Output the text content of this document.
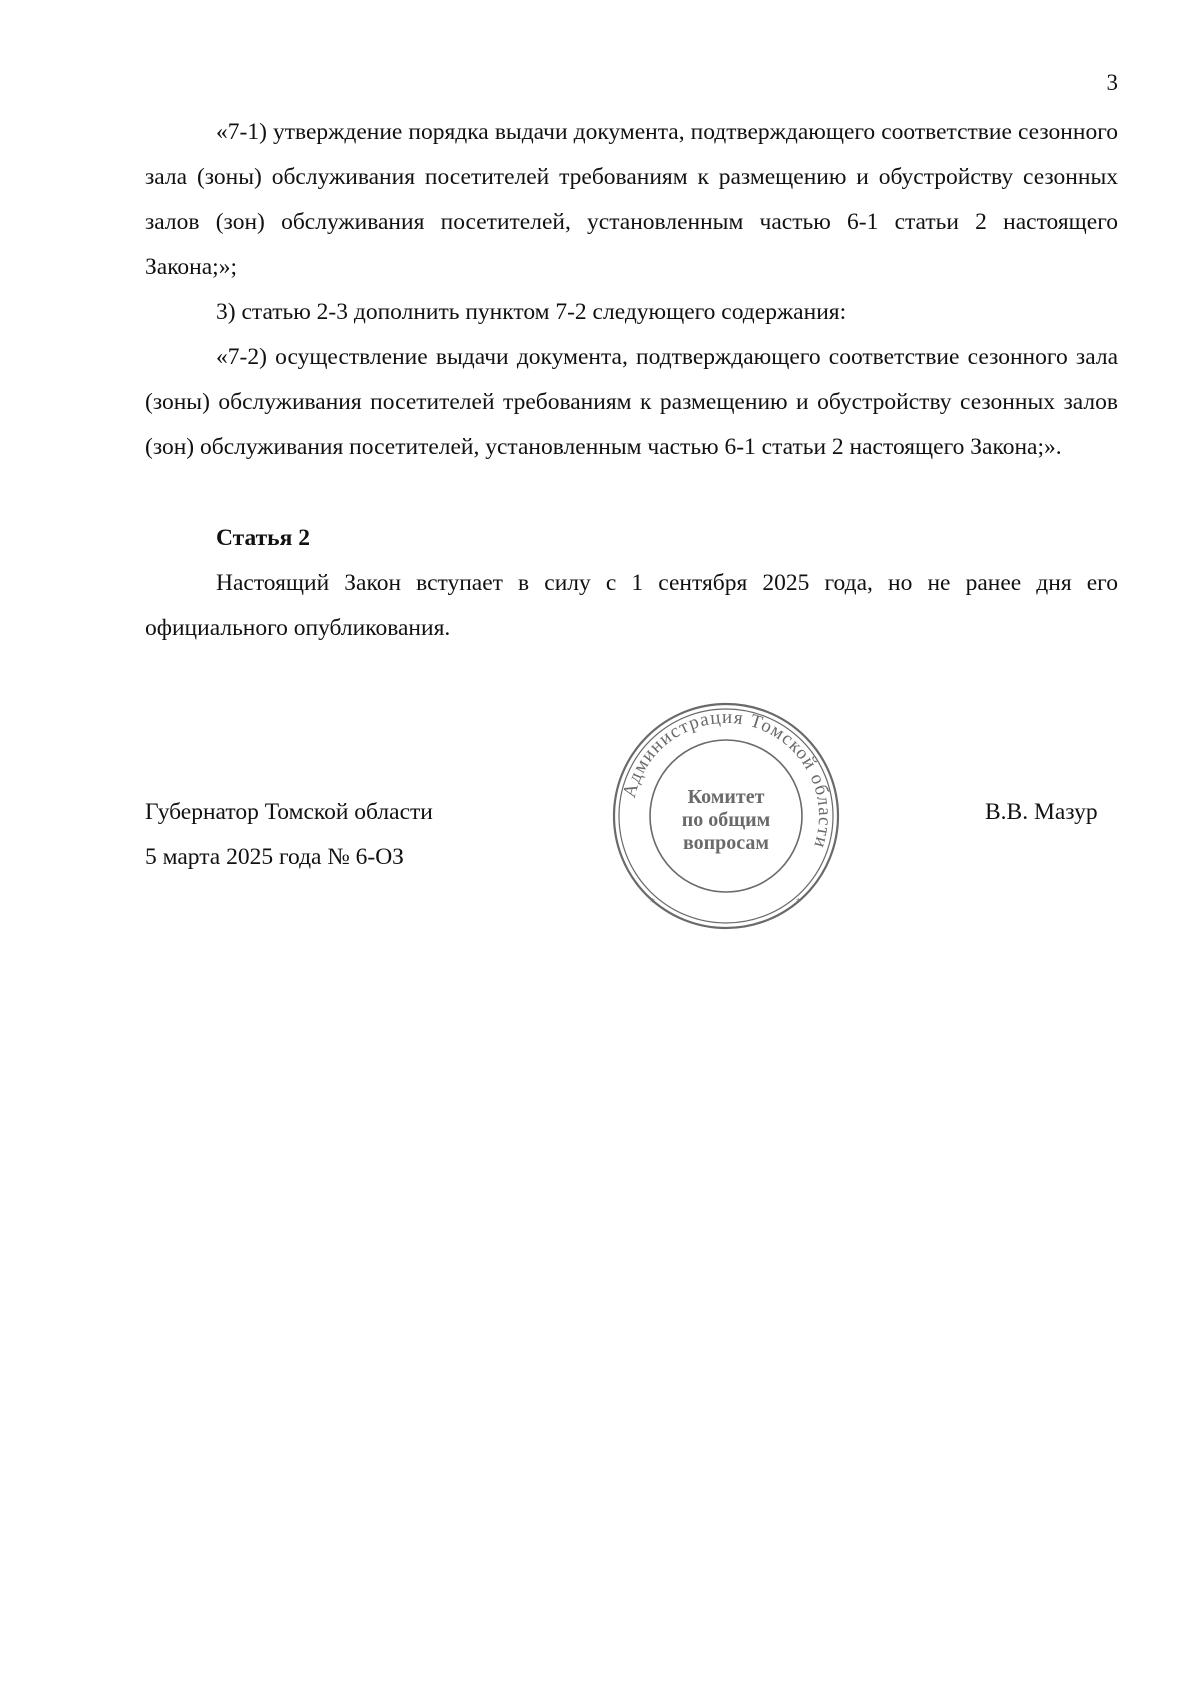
3

«7-1) утверждение порядка выдачи документа, подтверждающего соответствие сезонного зала (зоны) обслуживания посетителей требованиям к размещению и обустройству сезонных залов (зон) обслуживания посетителей, установленным частью 6-1 статьи 2 настоящего Закона;»;

3) статью 2-3 дополнить пунктом 7-2 следующего содержания:

«7-2) осуществление выдачи документа, подтверждающего соответствие сезонного зала (зоны) обслуживания посетителей требованиям к размещению и обустройству сезонных залов (зон) обслуживания посетителей, установленным частью 6-1 статьи 2 настоящего Закона;».

Статья 2

Настоящий Закон вступает в силу с 1 сентября 2025 года, но не ранее дня его официального опубликования.

Губернатор Томской области
5 марта 2025 года № 6-ОЗ
В.В. Мазур
Администрация Томской области
*	*
Комитет
по общим
вопросам
